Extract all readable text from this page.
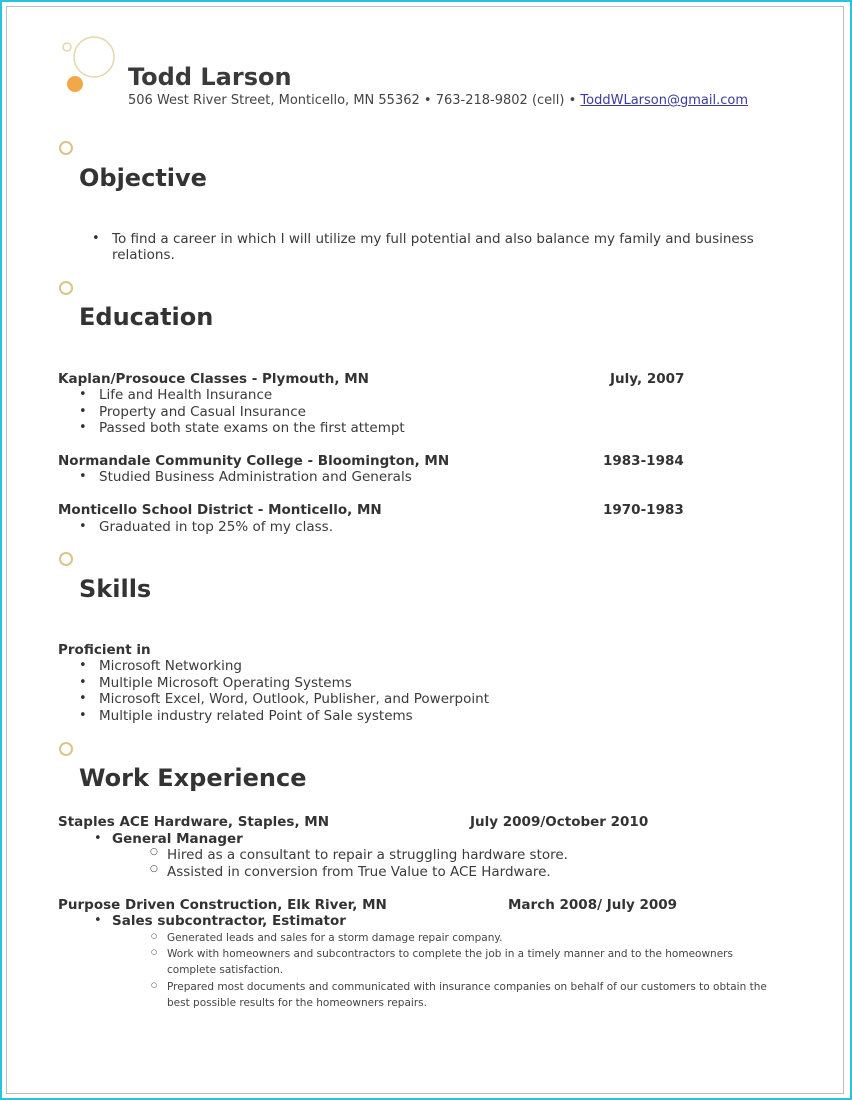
Todd Larson
506 West River Street, Monticello, MN 55362 • 763-218-9802 (cell) • ToddWLarson@gmail.com
Objective
• To find a career in which I will utilize my full potential and also balance my family and business
relations.
Education
Kaplan/Prosouce Classes - Plymouth, MN	July, 2007
• Life and Health Insurance
• Property and Casual Insurance
• Passed both state exams on the first attempt
Normandale Community College - Bloomington, MN	1983-1984
• Studied Business Administration and Generals
Monticello School District - Monticello, MN	1970-1983
• Graduated in top 25% of my class.
Skills
Proficient in
• Microsoft Networking
• Multiple Microsoft Operating Systems
• Microsoft Excel, Word, Outlook, Publisher, and Powerpoint
• Multiple industry related Point of Sale systems
Work Experience
Staples ACE Hardware, Staples, MN	July 2009/October 2010
• General Manager
○ Hired as a consultant to repair a struggling hardware store.
○ Assisted in conversion from True Value to ACE Hardware.
Purpose Driven Construction, Elk River, MN	March 2008/ July 2009
• Sales subcontractor, Estimator
○ Generated leads and sales for a storm damage repair company.
○ Work with homeowners and subcontractors to complete the job in a timely manner and to the homeowners
complete satisfaction.
○ Prepared most documents and communicated with insurance companies on behalf of our customers to obtain the
best possible results for the homeowners repairs.
